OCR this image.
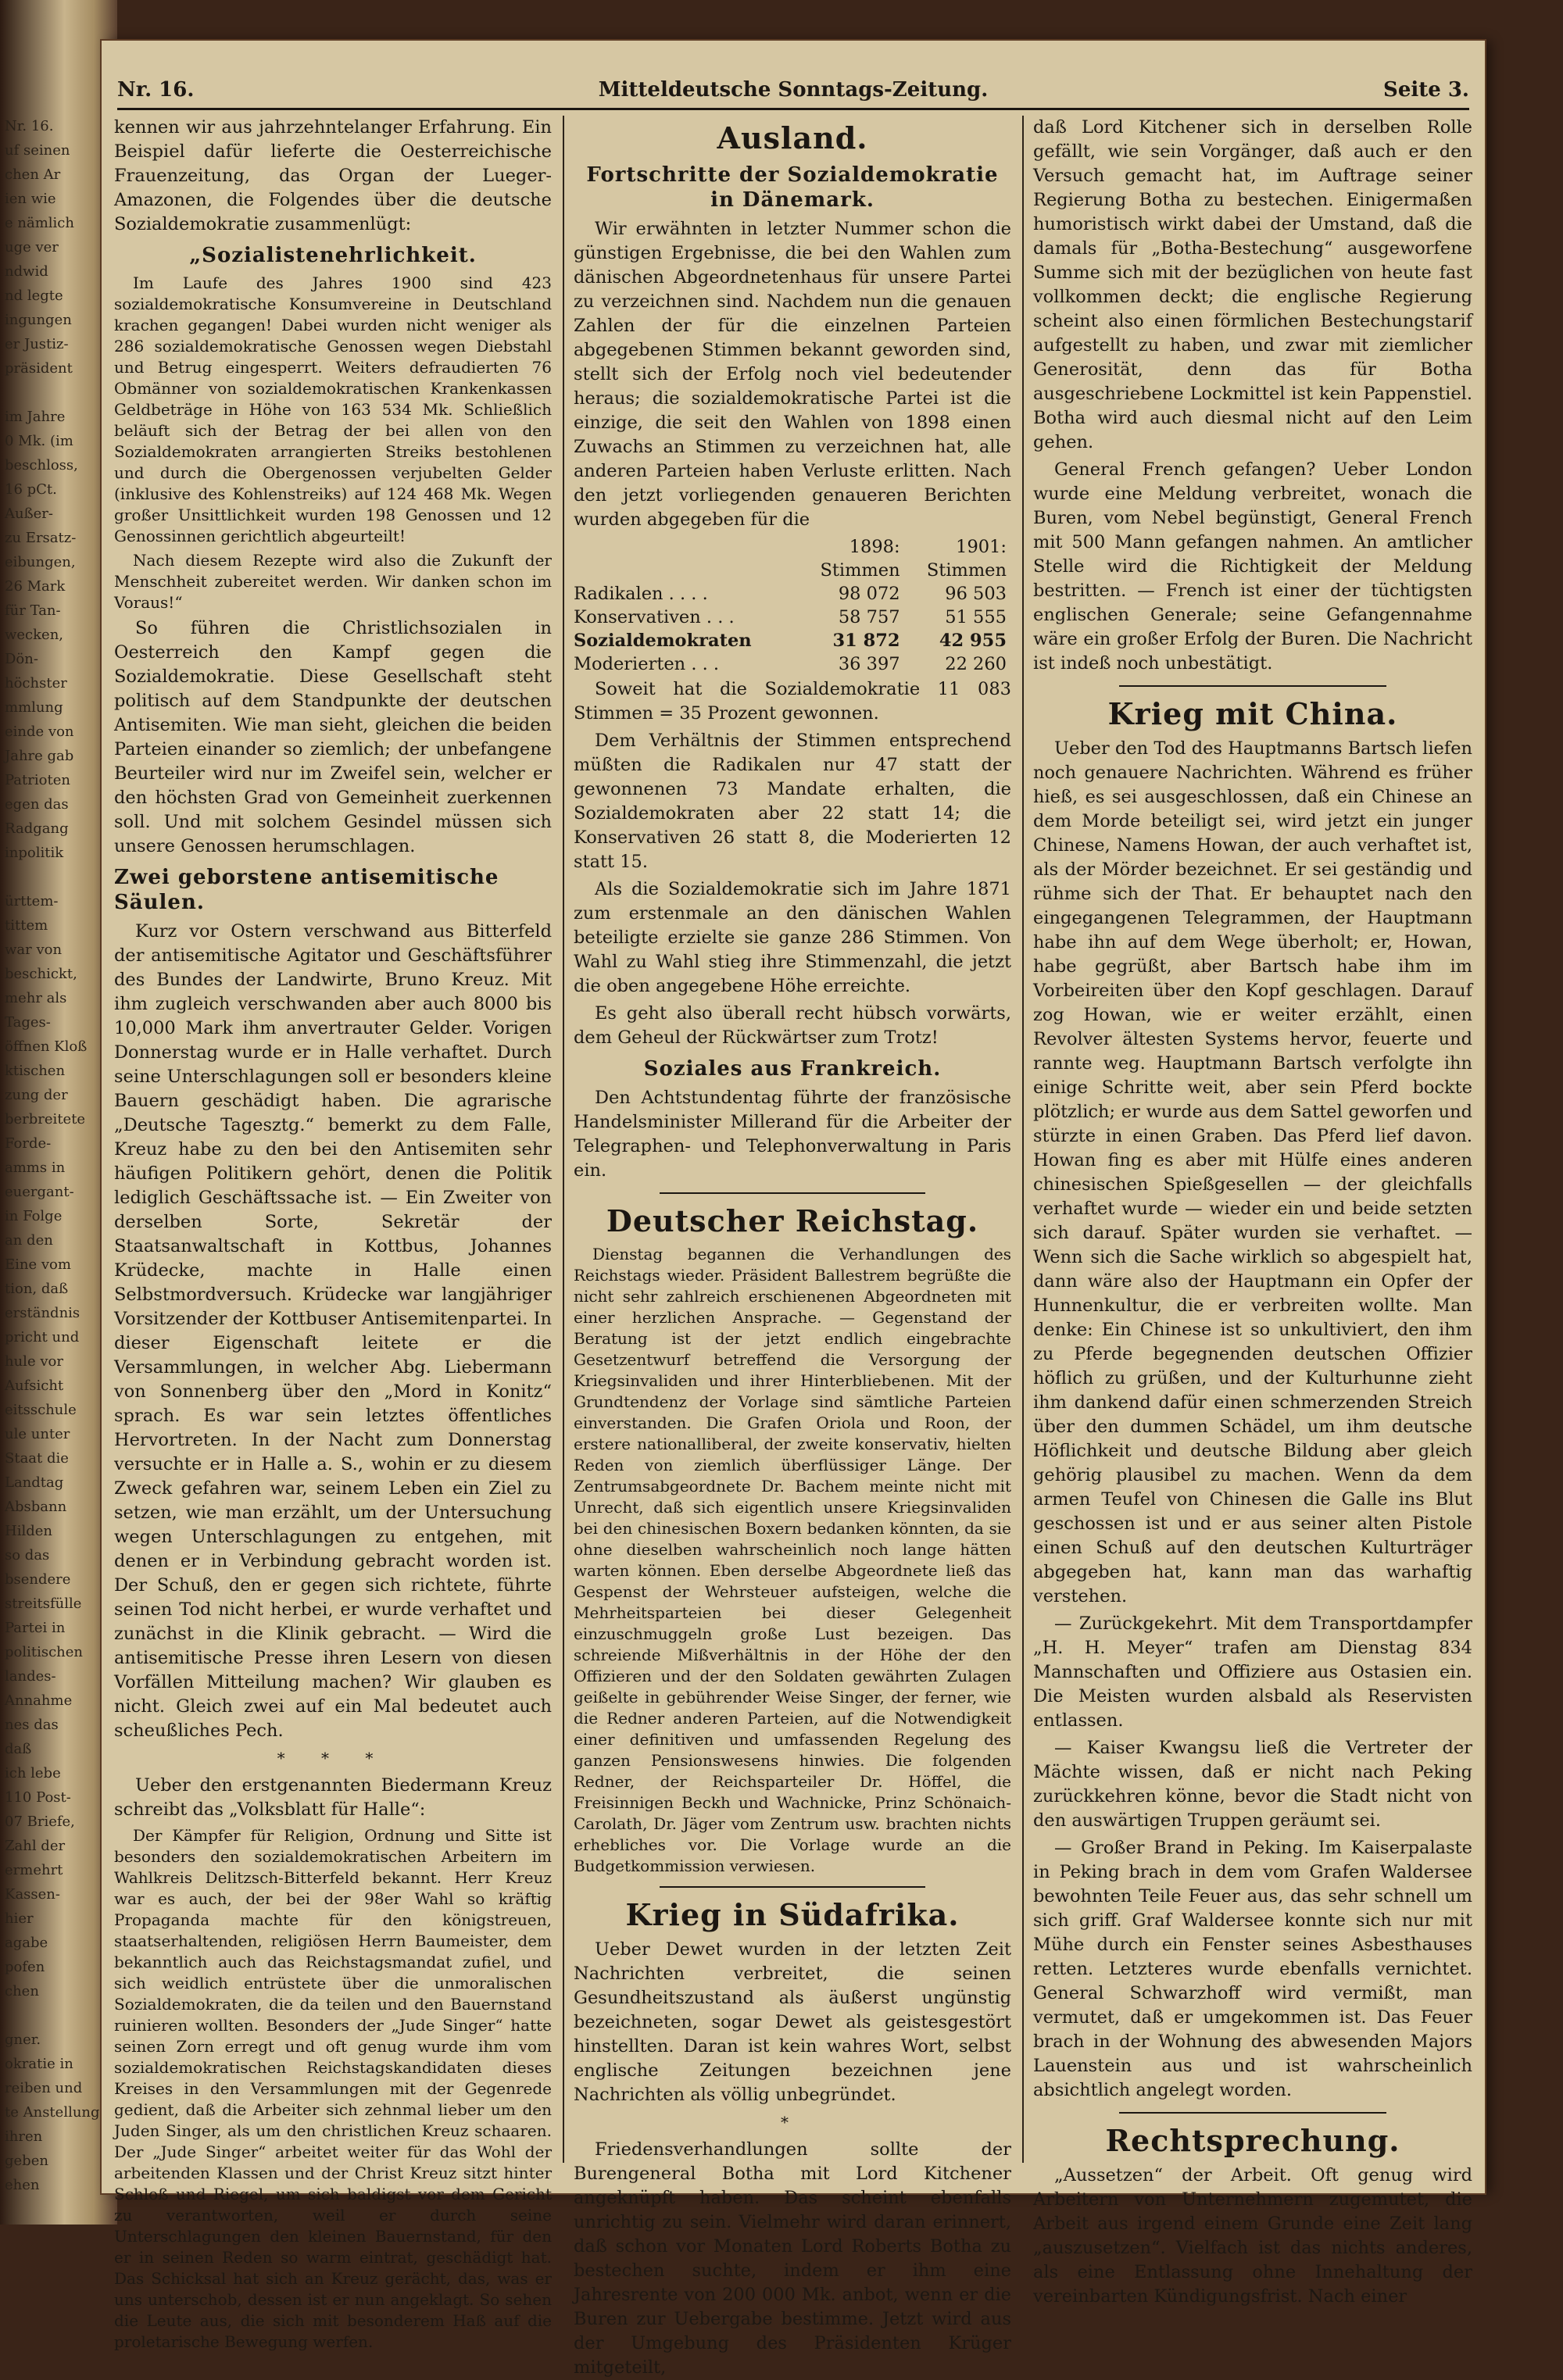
Nr. 16.
uf seinen
chen Ar
ien wie
e nämlich
uge ver
ndwid
nd legte
ingungen
er Justiz-
präsident
im Jahre
0 Mk. (im
beschloss,
16 pCt.
Außer-
zu Ersatz-
eibungen,
26 Mark
für Tan-
wecken,
Dön-
höchster
mmlung
einde von
Jahre gab
Patrioten
egen das
Radgang
inpolitik
ürttem-
tittem
war von
beschickt,
mehr als
Tages-
öffnen Kloß
ktischen
zung der
berbreitete
Forde-
amms in
euergant-
in Folge
an den
Eine vom
tion, daß
erständnis
pricht und
hule vor
Aufsicht
eitsschule
ule unter
Staat die
Landtag
Absbann
Hilden
so das
bsendere
streitsfülle
Partei in
politischen
landes-
Annahme
nes das
daß
ich lebe
110 Post-
07 Briefe,
Zahl der
ermehrt
Kassen-
hier
agabe
pofen
chen
gner.
okratie in
reiben und
te Anstellung
ihren
geben
ehen
Nr. 16.	Mitteldeutsche Sonntags-Zeitung.	Seite 3.

kennen wir aus jahrzehntelanger Erfahrung. Ein Beispiel dafür lieferte die Oesterreichische Frauenzeitung, das Organ der Lueger-Amazonen, die Folgendes über die deutsche Sozialdemokratie zusammenlügt:

„Sozialistenehrlichkeit.

Im Laufe des Jahres 1900 sind 423 sozialdemokratische Konsumvereine in Deutschland krachen gegangen! Dabei wurden nicht weniger als 286 sozialdemokratische Genossen wegen Diebstahl und Betrug eingesperrt. Weiters defraudierten 76 Obmänner von sozialdemokratischen Krankenkassen Geldbeträge in Höhe von 163 534 Mk. Schließlich beläuft sich der Betrag der bei allen von den Sozialdemokraten arrangierten Streiks bestohlenen und durch die Obergenossen verjubelten Gelder (inklusive des Kohlenstreiks) auf 124 468 Mk. Wegen großer Unsittlichkeit wurden 198 Genossen und 12 Genossinnen gerichtlich abgeurteilt!

Nach diesem Rezepte wird also die Zukunft der Menschheit zubereitet werden. Wir danken schon im Voraus!“

So führen die Christlichsozialen in Oesterreich den Kampf gegen die Sozialdemokratie. Diese Gesellschaft steht politisch auf dem Standpunkte der deutschen Antisemiten. Wie man sieht, gleichen die beiden Parteien einander so ziemlich; der unbefangene Beurteiler wird nur im Zweifel sein, welcher er den höchsten Grad von Gemeinheit zuerkennen soll. Und mit solchem Gesindel müssen sich unsere Genossen herumschlagen.

Zwei geborstene antisemitische Säulen.

Kurz vor Ostern verschwand aus Bitterfeld der antisemitische Agitator und Geschäftsführer des Bundes der Landwirte, Bruno Kreuz. Mit ihm zugleich verschwanden aber auch 8000 bis 10,000 Mark ihm anvertrauter Gelder. Vorigen Donnerstag wurde er in Halle verhaftet. Durch seine Unterschlagungen soll er besonders kleine Bauern geschädigt haben. Die agrarische „Deutsche Tagesztg.“ bemerkt zu dem Falle, Kreuz habe zu den bei den Antisemiten sehr häufigen Politikern gehört, denen die Politik lediglich Geschäftssache ist. — Ein Zweiter von derselben Sorte, Sekretär der Staatsanwaltschaft in Kottbus, Johannes Krüdecke, machte in Halle einen Selbstmordversuch. Krüdecke war langjähriger Vorsitzender der Kottbuser Antisemitenpartei. In dieser Eigenschaft leitete er die Versammlungen, in welcher Abg. Liebermann von Sonnenberg über den „Mord in Konitz“ sprach. Es war sein letztes öffentliches Hervortreten. In der Nacht zum Donnerstag versuchte er in Halle a. S., wohin er zu diesem Zweck gefahren war, seinem Leben ein Ziel zu setzen, wie man erzählt, um der Untersuchung wegen Unterschlagungen zu entgehen, mit denen er in Verbindung gebracht worden ist. Der Schuß, den er gegen sich richtete, führte seinen Tod nicht herbei, er wurde verhaftet und zunächst in die Klinik gebracht. — Wird die antisemitische Presse ihren Lesern von diesen Vorfällen Mitteilung machen? Wir glauben es nicht. Gleich zwei auf ein Mal bedeutet auch scheußliches Pech.

* * *

Ueber den erstgenannten Biedermann Kreuz schreibt das „Volksblatt für Halle“:

Der Kämpfer für Religion, Ordnung und Sitte ist besonders den sozialdemokratischen Arbeitern im Wahlkreis Delitzsch-Bitterfeld bekannt. Herr Kreuz war es auch, der bei der 98er Wahl so kräftig Propaganda machte für den königstreuen, staatserhaltenden, religiösen Herrn Baumeister, dem bekanntlich auch das Reichstagsmandat zufiel, und sich weidlich entrüstete über die unmoralischen Sozialdemokraten, die da teilen und den Bauernstand ruinieren wollten. Besonders der „Jude Singer“ hatte seinen Zorn erregt und oft genug wurde ihm vom sozialdemokratischen Reichstagskandidaten dieses Kreises in den Versammlungen mit der Gegenrede gedient, daß die Arbeiter sich zehnmal lieber um den Juden Singer, als um den christlichen Kreuz schaaren. Der „Jude Singer“ arbeitet weiter für das Wohl der arbeitenden Klassen und der Christ Kreuz sitzt hinter Schloß und Riegel, um sich baldigst vor dem Gericht zu verantworten, weil er durch seine Unterschlagungen den kleinen Bauernstand, für den er in seinen Reden so warm eintrat, geschädigt hat. Das Schicksal hat sich an Kreuz gerächt, das, was er uns unterschob, dessen ist er nun angeklagt. So sehen die Leute aus, die sich mit besonderem Haß auf die proletarische Bewegung werfen.

Ausland.
Fortschritte der Sozialdemokratie in Dänemark.

Wir erwähnten in letzter Nummer schon die günstigen Ergebnisse, die bei den Wahlen zum dänischen Abgeordnetenhaus für unsere Partei zu verzeichnen sind. Nachdem nun die genauen Zahlen der für die einzelnen Parteien abgegebenen Stimmen bekannt geworden sind, stellt sich der Erfolg noch viel bedeutender heraus; die sozialdemokratische Partei ist die einzige, die seit den Wahlen von 1898 einen Zuwachs an Stimmen zu verzeichnen hat, alle anderen Parteien haben Verluste erlitten. Nach den jetzt vorliegenden genaueren Berichten wurden abgegeben für die

	1898:	1901:
	Stimmen	Stimmen
Radikalen . . . .	98 072	96 503
Konservativen . . .	58 757	51 555
Sozialdemokraten	31 872	42 955
Moderierten . . .	36 397	22 260

Soweit hat die Sozialdemokratie 11 083 Stimmen = 35 Prozent gewonnen.

Dem Verhältnis der Stimmen entsprechend müßten die Radikalen nur 47 statt der gewonnenen 73 Mandate erhalten, die Sozialdemokraten aber 22 statt 14; die Konservativen 26 statt 8, die Moderierten 12 statt 15.

Als die Sozialdemokratie sich im Jahre 1871 zum erstenmale an den dänischen Wahlen beteiligte erzielte sie ganze 286 Stimmen. Von Wahl zu Wahl stieg ihre Stimmenzahl, die jetzt die oben angegebene Höhe erreichte.

Es geht also überall recht hübsch vorwärts, dem Geheul der Rückwärtser zum Trotz!

Soziales aus Frankreich.

Den Achtstundentag führte der französische Handelsminister Millerand für die Arbeiter der Telegraphen- und Telephonverwaltung in Paris ein.

Deutscher Reichstag.

Dienstag begannen die Verhandlungen des Reichstags wieder. Präsident Ballestrem begrüßte die nicht sehr zahlreich erschienenen Abgeordneten mit einer herzlichen Ansprache. — Gegenstand der Beratung ist der jetzt endlich eingebrachte Gesetzentwurf betreffend die Versorgung der Kriegsinvaliden und ihrer Hinterbliebenen. Mit der Grundtendenz der Vorlage sind sämtliche Parteien einverstanden. Die Grafen Oriola und Roon, der erstere nationalliberal, der zweite konservativ, hielten Reden von ziemlich überflüssiger Länge. Der Zentrumsabgeordnete Dr. Bachem meinte nicht mit Unrecht, daß sich eigentlich unsere Kriegsinvaliden bei den chinesischen Boxern bedanken könnten, da sie ohne dieselben wahrscheinlich noch lange hätten warten können. Eben derselbe Abgeordnete ließ das Gespenst der Wehrsteuer aufsteigen, welche die Mehrheitsparteien bei dieser Gelegenheit einzuschmuggeln große Lust bezeigen. Das schreiende Mißverhältnis in der Höhe der den Offizieren und der den Soldaten gewährten Zulagen geißelte in gebührender Weise Singer, der ferner, wie die Redner anderen Parteien, auf die Notwendigkeit einer definitiven und umfassenden Regelung des ganzen Pensionswesens hinwies. Die folgenden Redner, der Reichsparteiler Dr. Höffel, die Freisinnigen Beckh und Wachnicke, Prinz Schönaich-Carolath, Dr. Jäger vom Zentrum usw. brachten nichts erhebliches vor. Die Vorlage wurde an die Budgetkommission verwiesen.

Krieg in Südafrika.

Ueber Dewet wurden in der letzten Zeit Nachrichten verbreitet, die seinen Gesundheitszustand als äußerst ungünstig bezeichneten, sogar Dewet als geistesgestört hinstellten. Daran ist kein wahres Wort, selbst englische Zeitungen bezeichnen jene Nachrichten als völlig unbegründet.

*

Friedensverhandlungen sollte der Burengeneral Botha mit Lord Kitchener angeknüpft haben. Das scheint ebenfalls unrichtig zu sein. Vielmehr wird daran erinnert, daß schon vor Monaten Lord Roberts Botha zu bestechen suchte, indem er ihm eine Jahresrente von 200 000 Mk. anbot, wenn er die Buren zur Uebergabe bestimme. Jetzt wird aus der Umgebung des Präsidenten Krüger mitgeteilt,

daß Lord Kitchener sich in derselben Rolle gefällt, wie sein Vorgänger, daß auch er den Versuch gemacht hat, im Auftrage seiner Regierung Botha zu bestechen. Einigermaßen humoristisch wirkt dabei der Umstand, daß die damals für „Botha-Bestechung“ ausgeworfene Summe sich mit der bezüglichen von heute fast vollkommen deckt; die englische Regierung scheint also einen förmlichen Bestechungstarif aufgestellt zu haben, und zwar mit ziemlicher Generosität, denn das für Botha ausgeschriebene Lockmittel ist kein Pappenstiel. Botha wird auch diesmal nicht auf den Leim gehen.

General French gefangen? Ueber London wurde eine Meldung verbreitet, wonach die Buren, vom Nebel begünstigt, General French mit 500 Mann gefangen nahmen. An amtlicher Stelle wird die Richtigkeit der Meldung bestritten. — French ist einer der tüchtigsten englischen Generale; seine Gefangennahme wäre ein großer Erfolg der Buren. Die Nachricht ist indeß noch unbestätigt.

Krieg mit China.

Ueber den Tod des Hauptmanns Bartsch liefen noch genauere Nachrichten. Während es früher hieß, es sei ausgeschlossen, daß ein Chinese an dem Morde beteiligt sei, wird jetzt ein junger Chinese, Namens Howan, der auch verhaftet ist, als der Mörder bezeichnet. Er sei geständig und rühme sich der That. Er behauptet nach den eingegangenen Telegrammen, der Hauptmann habe ihn auf dem Wege überholt; er, Howan, habe gegrüßt, aber Bartsch habe ihm im Vorbeireiten über den Kopf geschlagen. Darauf zog Howan, wie er weiter erzählt, einen Revolver ältesten Systems hervor, feuerte und rannte weg. Hauptmann Bartsch verfolgte ihn einige Schritte weit, aber sein Pferd bockte plötzlich; er wurde aus dem Sattel geworfen und stürzte in einen Graben. Das Pferd lief davon. Howan fing es aber mit Hülfe eines anderen chinesischen Spießgesellen — der gleichfalls verhaftet wurde — wieder ein und beide setzten sich darauf. Später wurden sie verhaftet. — Wenn sich die Sache wirklich so abgespielt hat, dann wäre also der Hauptmann ein Opfer der Hunnenkultur, die er verbreiten wollte. Man denke: Ein Chinese ist so unkultiviert, den ihm zu Pferde begegnenden deutschen Offizier höflich zu grüßen, und der Kulturhunne zieht ihm dankend dafür einen schmerzenden Streich über den dummen Schädel, um ihm deutsche Höflichkeit und deutsche Bildung aber gleich gehörig plausibel zu machen. Wenn da dem armen Teufel von Chinesen die Galle ins Blut geschossen ist und er aus seiner alten Pistole einen Schuß auf den deutschen Kulturträger abgegeben hat, kann man das warhaftig verstehen.

— Zurückgekehrt. Mit dem Transportdampfer „H. H. Meyer“ trafen am Dienstag 834 Mannschaften und Offiziere aus Ostasien ein. Die Meisten wurden alsbald als Reservisten entlassen.

— Kaiser Kwangsu ließ die Vertreter der Mächte wissen, daß er nicht nach Peking zurückkehren könne, bevor die Stadt nicht von den auswärtigen Truppen geräumt sei.

— Großer Brand in Peking. Im Kaiserpalaste in Peking brach in dem vom Grafen Waldersee bewohnten Teile Feuer aus, das sehr schnell um sich griff. Graf Waldersee konnte sich nur mit Mühe durch ein Fenster seines Asbesthauses retten. Letzteres wurde ebenfalls vernichtet. General Schwarzhoff wird vermißt, man vermutet, daß er umgekommen ist. Das Feuer brach in der Wohnung des abwesenden Majors Lauenstein aus und ist wahrscheinlich absichtlich angelegt worden.

Rechtsprechung.

„Aussetzen“ der Arbeit. Oft genug wird Arbeitern von Unternehmern zugemutet, die Arbeit aus irgend einem Grunde eine Zeit lang „auszusetzen“. Vielfach ist das nichts anderes, als eine Entlassung ohne Innehaltung der vereinbarten Kündigungsfrist. Nach einer
